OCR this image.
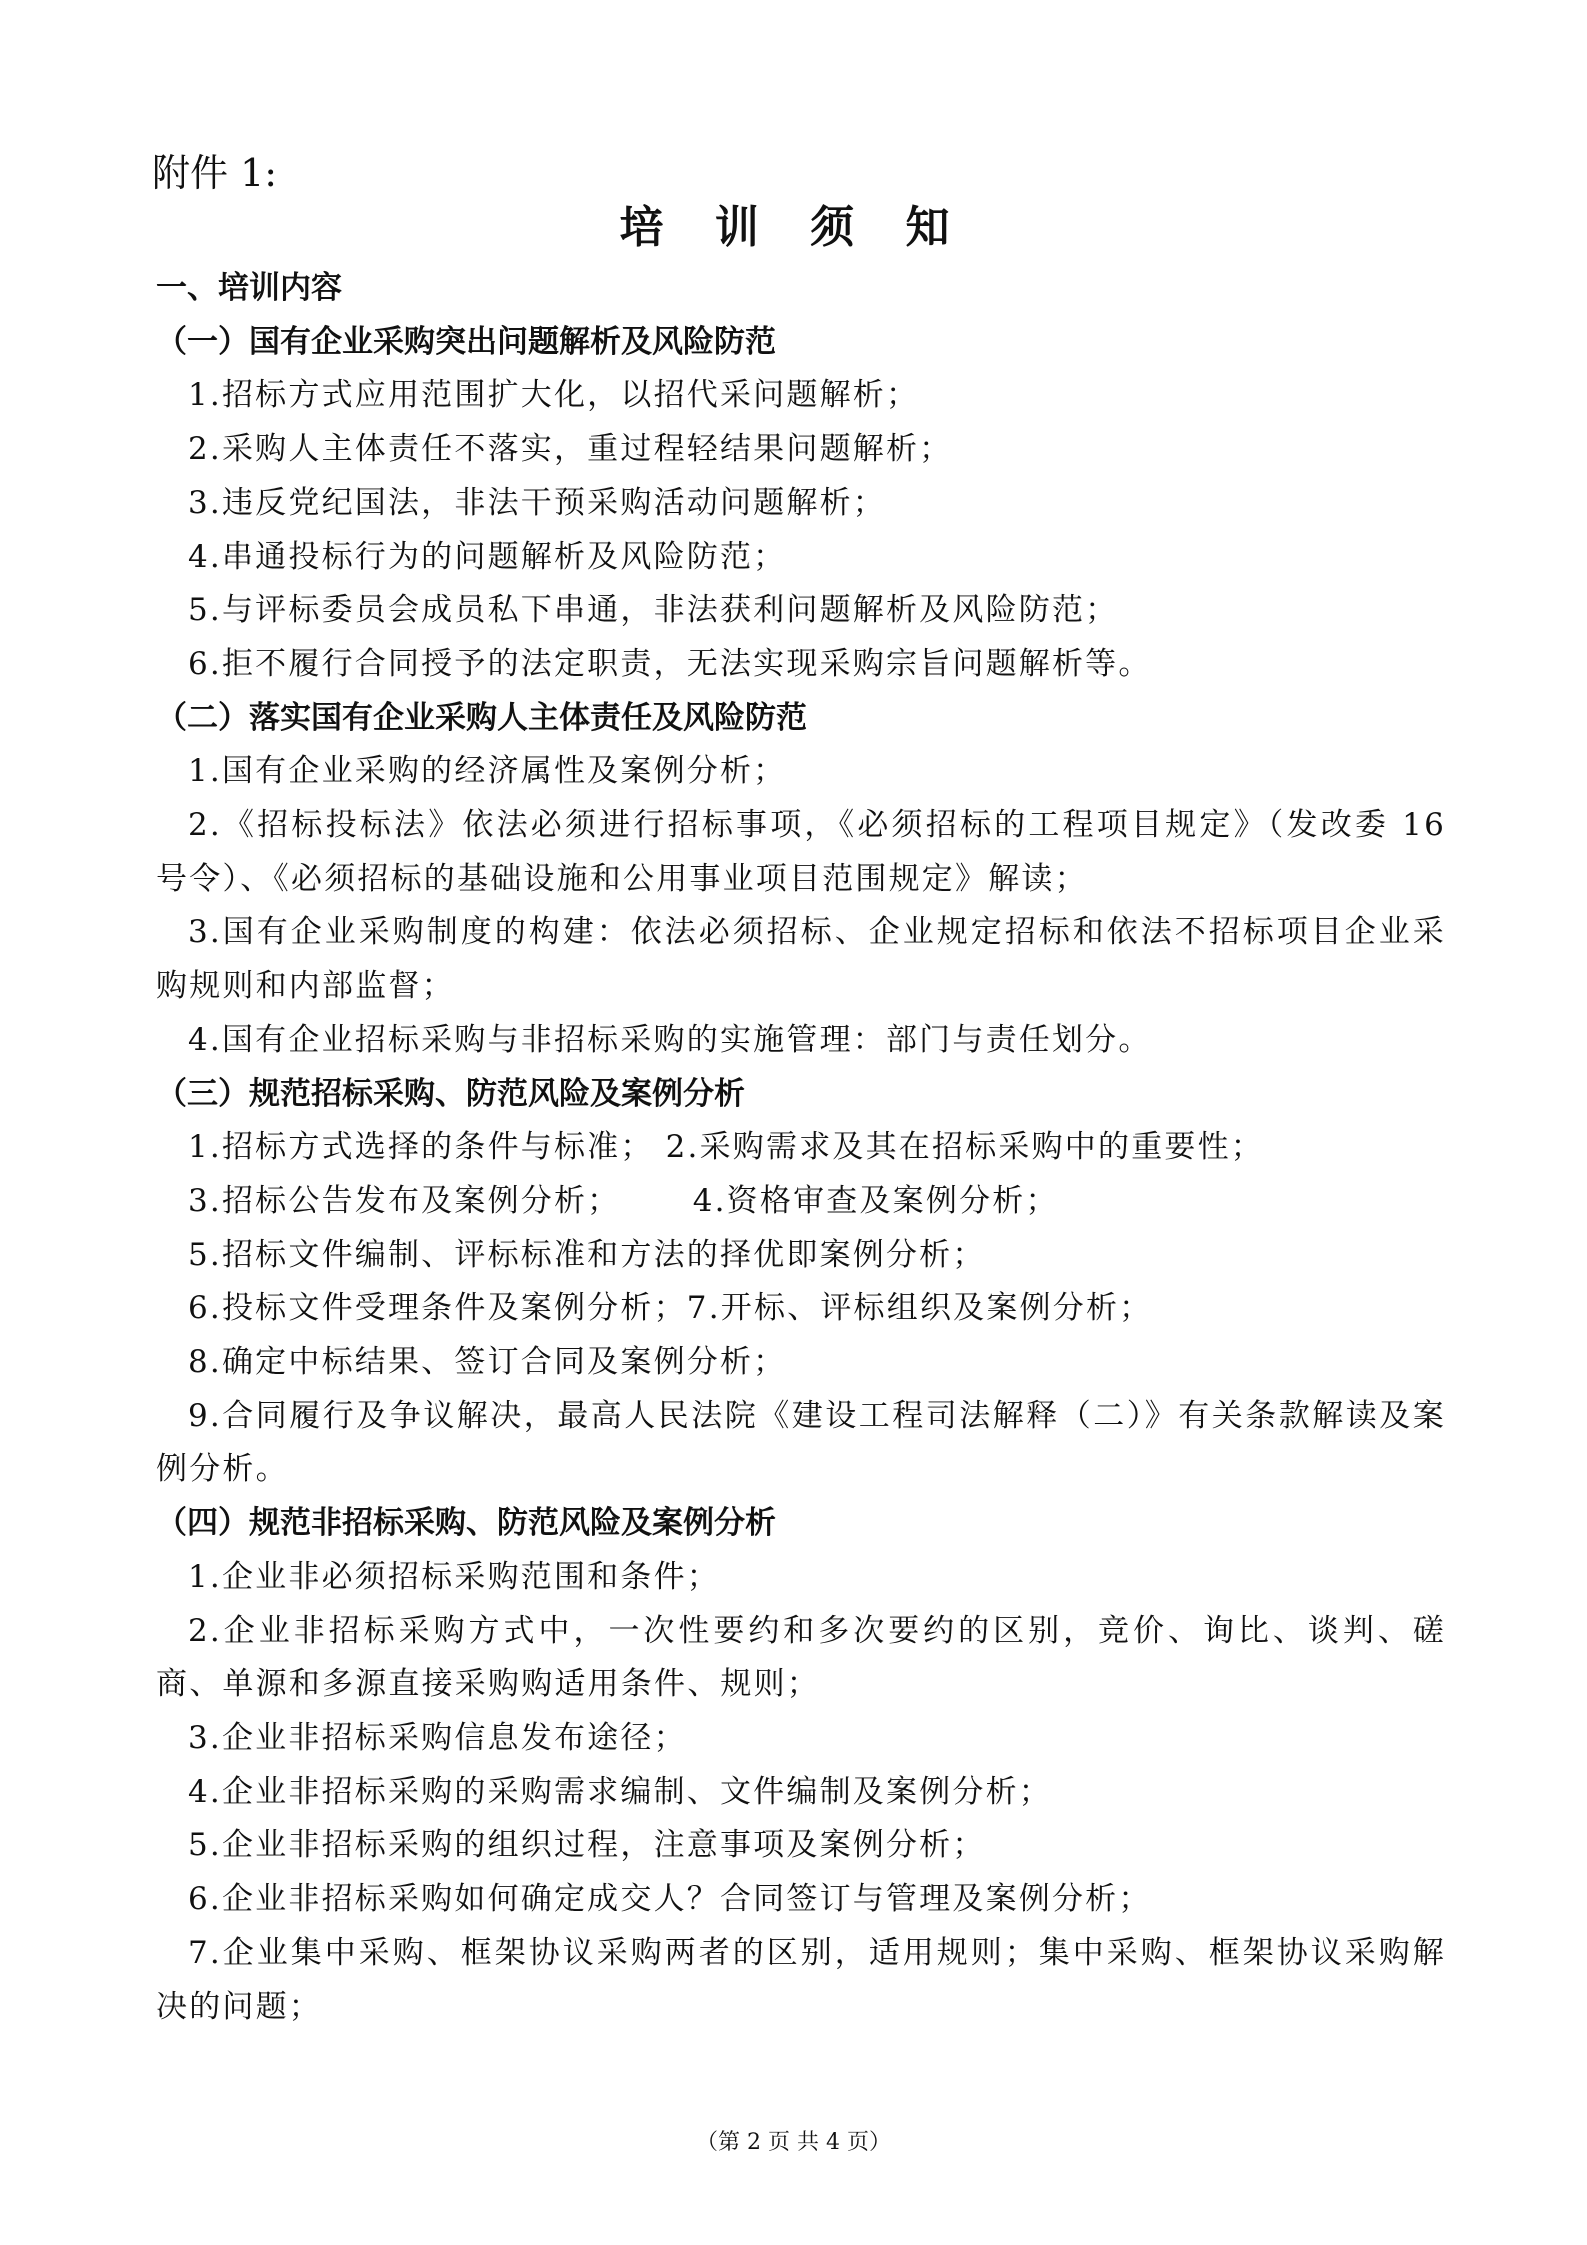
附件 1:
培 训 须 知

一、培训内容

（一）国有企业采购突出问题解析及风险防范

1.招标方式应用范围扩大化，以招代采问题解析；

2.采购人主体责任不落实，重过程轻结果问题解析；

3.违反党纪国法，非法干预采购活动问题解析；

4.串通投标行为的问题解析及风险防范；

5.与评标委员会成员私下串通，非法获利问题解析及风险防范；

6.拒不履行合同授予的法定职责，无法实现采购宗旨问题解析等。

（二）落实国有企业采购人主体责任及风险防范

1.国有企业采购的经济属性及案例分析；

2.《招标投标法》依法必须进行招标事项，《必须招标的工程项目规定》（发改委 16 号令）、《必须招标的基础设施和公用事业项目范围规定》解读；

3.国有企业采购制度的构建：依法必须招标、企业规定招标和依法不招标项目企业采购规则和内部监督；

4.国有企业招标采购与非招标采购的实施管理：部门与责任划分。

（三）规范招标采购、防范风险及案例分析

1.招标方式选择的条件与标准； 2.采购需求及其在招标采购中的重要性；

3.招标公告发布及案例分析；      4.资格审查及案例分析；

5.招标文件编制、评标标准和方法的择优即案例分析；

6.投标文件受理条件及案例分析；7.开标、评标组织及案例分析；

8.确定中标结果、签订合同及案例分析；

9.合同履行及争议解决，最高人民法院《建设工程司法解释（二）》有关条款解读及案例分析。

（四）规范非招标采购、防范风险及案例分析

1.企业非必须招标采购范围和条件；

2.企业非招标采购方式中，一次性要约和多次要约的区别，竞价、询比、谈判、磋商、单源和多源直接采购购适用条件、规则；

3.企业非招标采购信息发布途径；

4.企业非招标采购的采购需求编制、文件编制及案例分析；

5.企业非招标采购的组织过程，注意事项及案例分析；

6.企业非招标采购如何确定成交人？合同签订与管理及案例分析；

7.企业集中采购、框架协议采购两者的区别，适用规则；集中采购、框架协议采购解决的问题；

（第 2 页 共 4 页）
